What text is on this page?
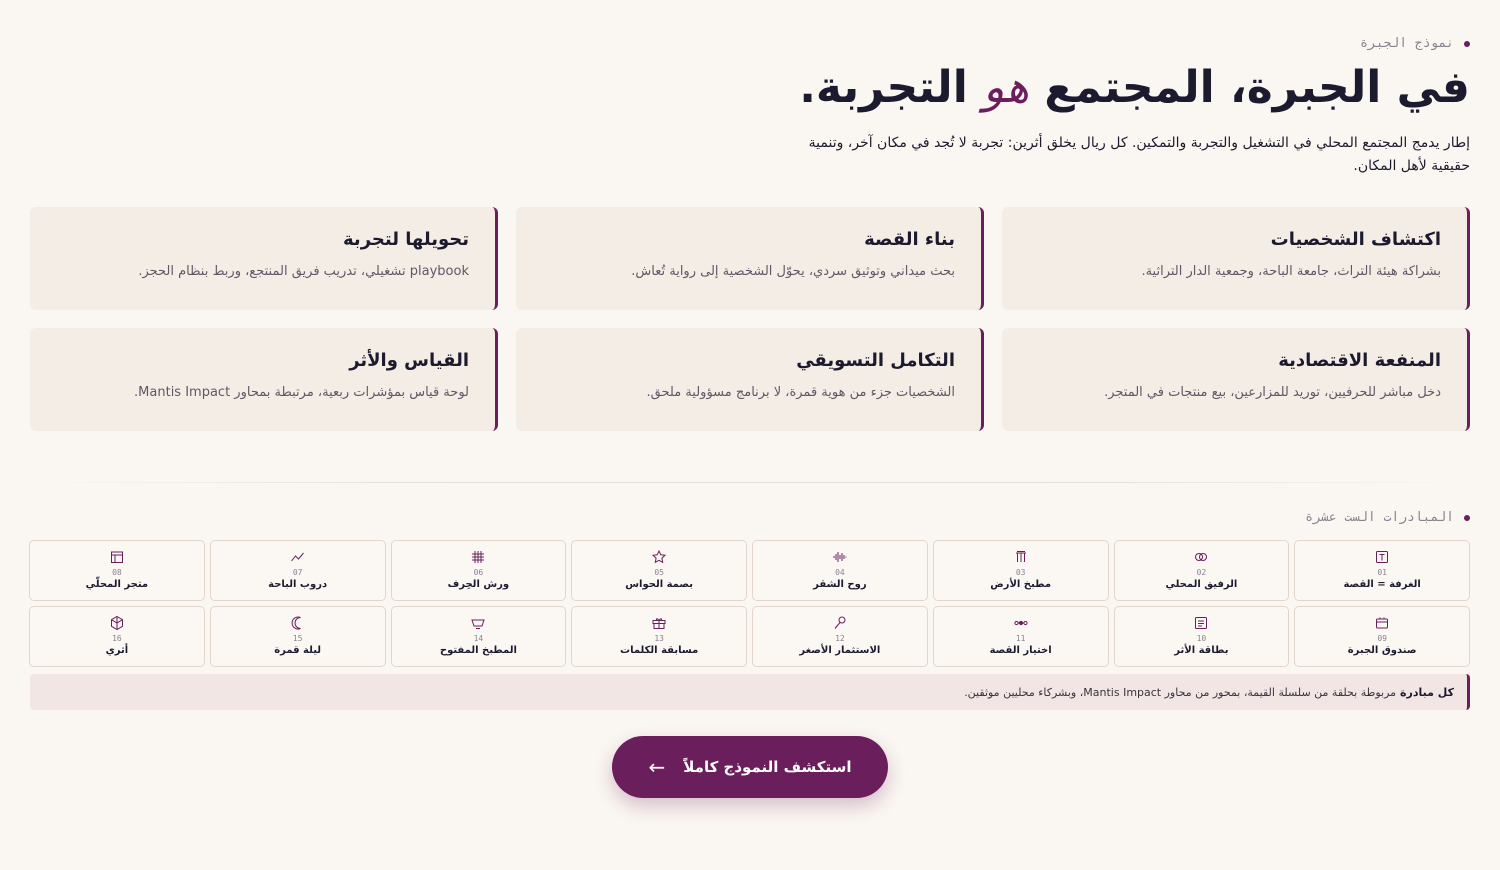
نموذج الجبرة
في الجبرة، المجتمع هو التجربة.

إطار يدمج المجتمع المحلي في التشغيل والتجربة والتمكين. كل ريال يخلق أثرين: تجربة لا تُجد في مكان آخر، وتنمية حقيقية لأهل المكان.

اكتشاف الشخصيات
بشراكة هيئة التراث، جامعة الباحة، وجمعية الدار التراثية.
بناء القصة
بحث ميداني وتوثيق سردي، يحوّل الشخصية إلى رواية تُعاش.
تحويلها لتجربة
playbook تشغيلي، تدريب فريق المنتجع، وربط بنظام الحجز.
المنفعة الاقتصادية
دخل مباشر للحرفيين، توريد للمزارعين، بيع منتجات في المتجر.
التكامل التسويقي
الشخصيات جزء من هوية قمرة، لا برنامج مسؤولية ملحق.
القياس والأثر
لوحة قياس بمؤشرات ربعية، مرتبطة بمحاور Mantis Impact.
المبادرات الست عشرة
01
الغرفة = القصة
02
الرفيق المحلي
03
مطبخ الأرض
04
روح الشقر
05
بصمة الحواس
06
ورش الحِرف
07
دروب الباحة
08
متجر المحلّي
09
صندوق الجبرة
10
بطاقة الأثر
11
اختيار القصة
12
الاستثمار الأصغر
13
مسابقة الكلمات
14
المطبخ المفتوح
15
ليلة قمرة
16
أثري
كل مبادرة
مربوطة بحلقة من سلسلة القيمة، بمحور من محاور Mantis Impact، وبشركاء محليين موثقين.
استكشف النموذج كاملاً
←
